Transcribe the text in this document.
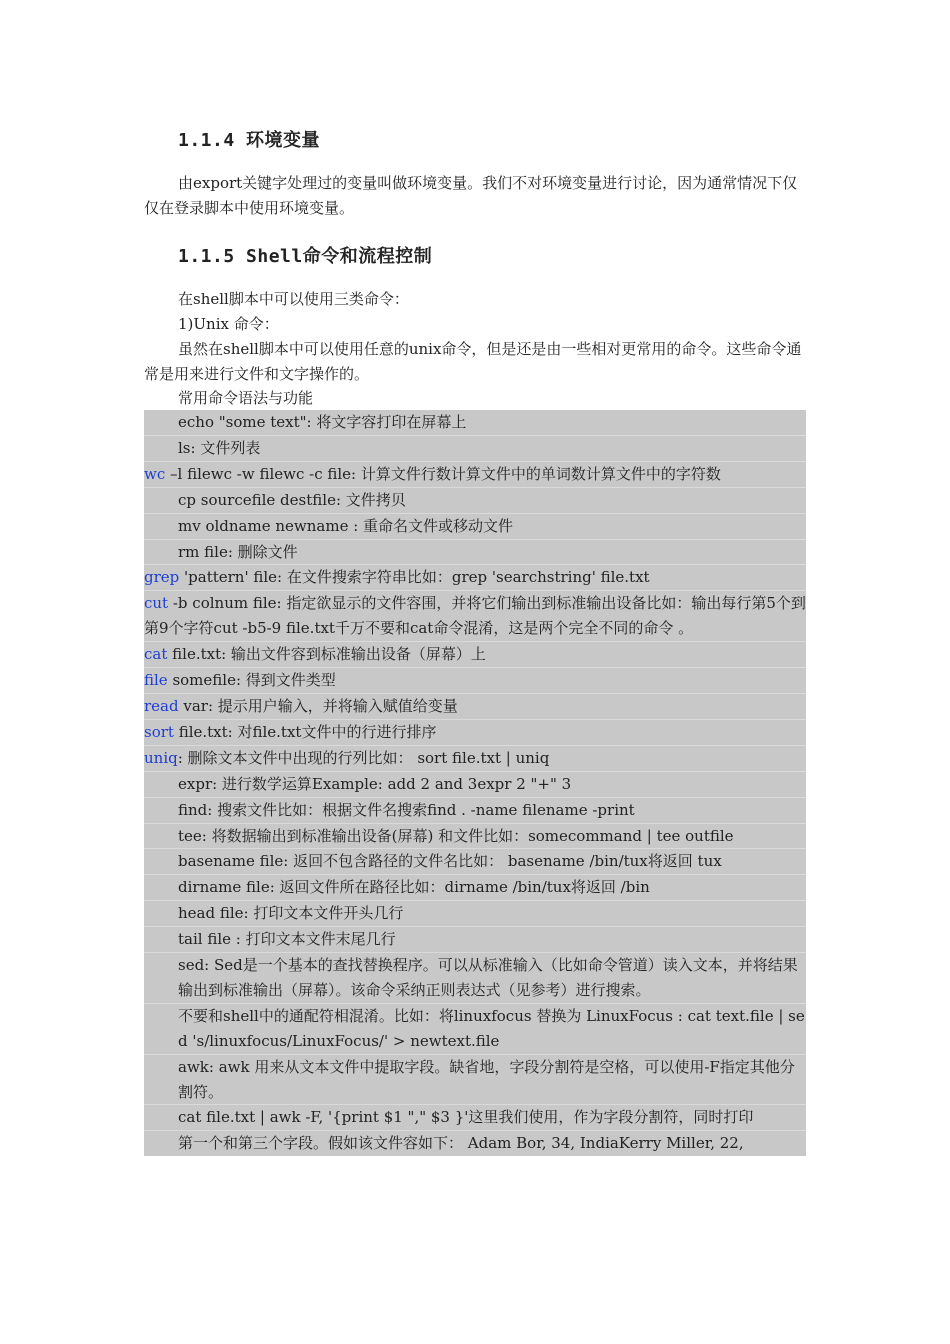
1.1.4 环境变量
由export关键字处理过的变量叫做环境变量。我们不对环境变量进行讨论，因为通常情况下仅仅在登录脚本中使用环境变量。
1.1.5 Shell命令和流程控制
在shell脚本中可以使用三类命令：
1)Unix 命令：
虽然在shell脚本中可以使用任意的unix命令，但是还是由一些相对更常用的命令。这些命令通常是用来进行文件和文字操作的。
常用命令语法与功能
echo "some text": 将文字容打印在屏幕上
ls: 文件列表
wc –l filewc -w filewc -c file: 计算文件行数计算文件中的单词数计算文件中的字符数
cp sourcefile destfile: 文件拷贝
mv oldname newname : 重命名文件或移动文件
rm file: 删除文件
grep 'pattern' file: 在文件搜索字符串比如：grep 'searchstring' file.txt
cut -b colnum file: 指定欲显示的文件容围，并将它们输出到标准输出设备比如：输出每行第5个到第9个字符cut -b5-9 file.txt千万不要和cat命令混淆，这是两个完全不同的命令 。
cat file.txt: 输出文件容到标准输出设备（屏幕）上
file somefile: 得到文件类型
read var: 提示用户输入，并将输入赋值给变量
sort file.txt: 对file.txt文件中的行进行排序
uniq: 删除文本文件中出现的行列比如： sort file.txt | uniq
expr: 进行数学运算Example: add 2 and 3expr 2 "+" 3
find: 搜索文件比如：根据文件名搜索find . -name filename -print
tee: 将数据输出到标准输出设备(屏幕) 和文件比如：somecommand | tee outfile
basename file: 返回不包含路径的文件名比如： basename /bin/tux将返回 tux
dirname file: 返回文件所在路径比如：dirname /bin/tux将返回 /bin
head file: 打印文本文件开头几行
tail file : 打印文本文件末尾几行
sed: Sed是一个基本的查找替换程序。可以从标准输入（比如命令管道）读入文本，并将结果输出到标准输出（屏幕）。该命令采纳正则表达式（见参考）进行搜索。
不要和shell中的通配符相混淆。比如：将linuxfocus 替换为 LinuxFocus : cat text.file | sed 's/linuxfocus/LinuxFocus/' > newtext.file
awk: awk 用来从文本文件中提取字段。缺省地，字段分割符是空格，可以使用-F指定其他分割符。
cat file.txt | awk -F, '{print $1 "," $3 }'这里我们使用，作为字段分割符，同时打印
第一个和第三个字段。假如该文件容如下： Adam Bor, 34, IndiaKerry Miller, 22,
